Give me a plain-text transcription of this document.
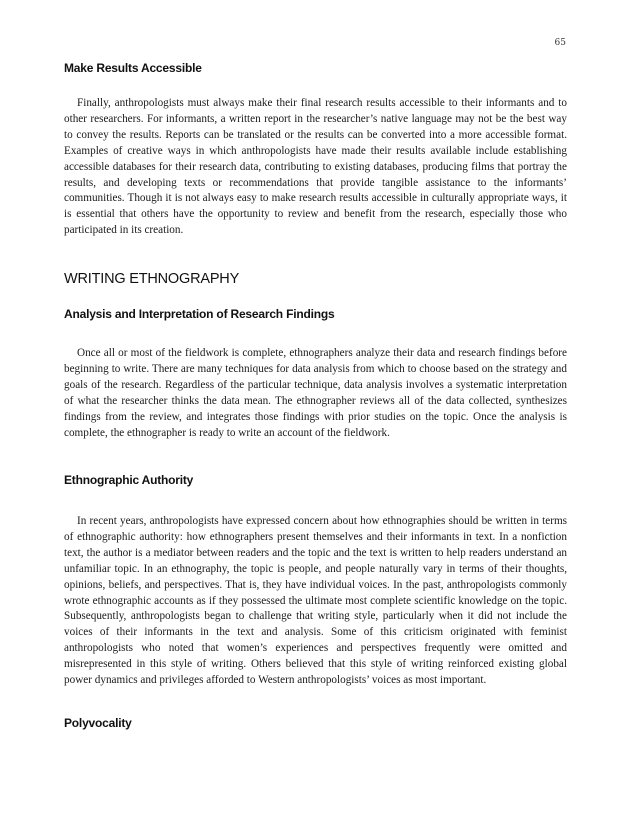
65
Make Results Accessible

Finally, anthropologists must always make their final research results accessible to their informants and to other researchers. For informants, a written report in the researcher’s native language may not be the best way to convey the results. Reports can be translated or the results can be converted into a more accessible format. Examples of creative ways in which anthropologists have made their results available include establishing accessible databases for their research data, contributing to existing databases, producing films that portray the results, and developing texts or recommendations that provide tangible assistance to the informants’ communities. Though it is not always easy to make research results accessible in culturally appropriate ways, it is essential that others have the opportunity to review and benefit from the research, especially those who participated in its creation.

WRITING ETHNOGRAPHY
Analysis and Interpretation of Research Findings

Once all or most of the fieldwork is complete, ethnographers analyze their data and research findings before beginning to write. There are many techniques for data analysis from which to choose based on the strategy and goals of the research. Regardless of the particular technique, data analysis involves a systematic interpretation of what the researcher thinks the data mean. The ethnographer reviews all of the data collected, synthesizes findings from the review, and integrates those findings with prior studies on the topic. Once the analysis is complete, the ethnographer is ready to write an account of the fieldwork.

Ethnographic Authority

In recent years, anthropologists have expressed concern about how ethnographies should be written in terms of ethnographic authority: how ethnographers present themselves and their informants in text. In a nonfiction text, the author is a mediator between readers and the topic and the text is written to help readers understand an unfamiliar topic. In an ethnography, the topic is people, and people naturally vary in terms of their thoughts, opinions, beliefs, and perspectives. That is, they have individual voices. In the past, anthropologists commonly wrote ethnographic accounts as if they possessed the ultimate most complete scientific knowledge on the topic. Subsequently, anthropologists began to challenge that writing style, particularly when it did not include the voices of their informants in the text and analysis. Some of this criticism originated with feminist anthropologists who noted that women’s experiences and perspectives frequently were omitted and misrepresented in this style of writing. Others believed that this style of writing reinforced existing global power dynamics and privileges afforded to Western anthropologists’ voices as most important.

Polyvocality
